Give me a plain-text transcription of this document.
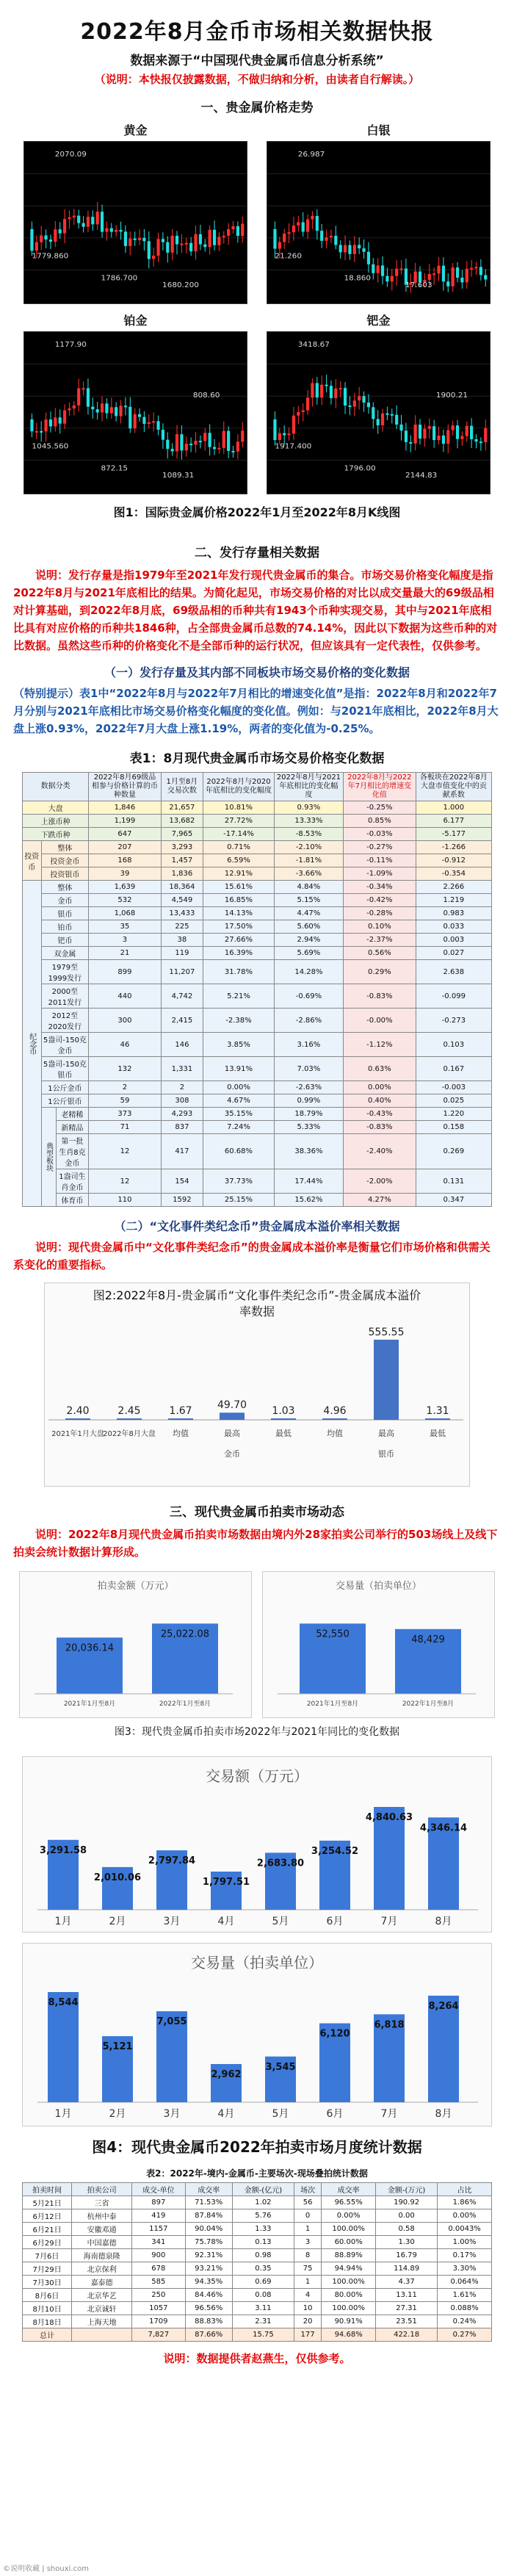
2022年8月金币市场相关数据快报
数据来源于“中国现代贵金属币信息分析系统”
（说明：本快报仅披露数据，不做归纳和分析，由读者自行解读。）
一、贵金属价格走势
黄金
2070.09
1779.860
1786.700
1680.200
白银
26.987
21.260
18.860
17.603
铂金
1177.90
1045.560
872.15
1089.31
808.60
钯金
3418.67
1917.400
1796.00
2144.83
1900.21
图1：国际贵金属价格2022年1月至2022年8月K线图
二、发行存量相关数据
说明：发行存量是指1979年至2021年发行现代贵金属币的集合。市场交易价格变化幅度是指2022年8月与2021年底相比的结果。为简化起见，市场交易价格的对比以成交量最大的69级品相对计算基础，到2022年8月底，69级品相的币种共有1943个币种实现交易，其中与2021年底相比具有对应价格的币种共1846种，占全部贵金属币总数的74.14%，因此以下数据为这些币种的对比数据。虽然这些币种的价格变化不是全部币种的运行状况，但应该具有一定代表性，仅供参考。
（一）发行存量及其内部不同板块市场交易价格的变化数据
（特别提示）表1中“2022年8月与2022年7月相比的增速变化值”是指：2022年8月和2022年7月分别与2021年底相比市场交易价格变化幅度的变化值。例如：与2021年底相比，2022年8月大盘上涨0.93%，2022年7月大盘上涨1.19%，两者的变化值为-0.25%。
表1：8月现代贵金属币市场交易价格变化数据
数据分类			2022年8月69级品相参与价格计算的币种数量	1月至8月交易次数	2022年8月与2020年底相比的变化幅度	2022年8月与2021年底相比的变化幅度	2022年8月与2022年7月相比的增速变化值	各板块在2022年8月大盘市值变化中的贡献系数
大盘			1,846	21,657	10.81%	0.93%	-0.25%	1.000
上涨币种			1,199	13,682	27.72%	13.33%	0.85%	6.177
下跌币种			647	7,965	-17.14%	-8.53%	-0.03%	-5.177
投资币	整体		207	3,293	0.71%	-2.10%	-0.27%	-1.266
	投资金币		168	1,457	6.59%	-1.81%	-0.11%	-0.912
	投资银币		39	1,836	12.91%	-3.66%	-1.09%	-0.354
纪念币	整体		1,639	18,364	15.61%	4.84%	-0.34%	2.266
	金币		532	4,549	16.85%	5.15%	-0.42%	1.219
	银币		1,068	13,433	14.13%	4.47%	-0.28%	0.983
	铂币		35	225	17.50%	5.60%	0.10%	0.033
	钯币		3	38	27.66%	2.94%	-2.37%	0.003
	双金属		21	119	16.39%	5.69%	0.56%	0.027
	1979至1999发行		899	11,207	31.78%	14.28%	0.29%	2.638
	2000至2011发行		440	4,742	5.21%	-0.69%	-0.83%	-0.099
	2012至2020发行		300	2,415	-2.38%	-2.86%	-0.00%	-0.273
	5盎司-150克金币		46	146	3.85%	3.16%	-1.12%	0.103
	5盎司-150克银币		132	1,331	13.91%	7.03%	0.63%	0.167
	1公斤金币		2	2	0.00%	-2.63%	0.00%	-0.003
	1公斤银币		59	308	4.67%	0.99%	0.40%	0.025
	典型板块	老精稀	373	4,293	35.15%	18.79%	-0.43%	1.220
		新精品	71	837	7.24%	5.33%	-0.83%	0.158
		第一批生肖8克金币	12	417	60.68%	38.36%	-2.40%	0.269
		1盎司生肖金币	12	154	37.73%	17.44%	-2.00%	0.131
		体育币	110	1592	25.15%	15.62%	4.27%	0.347
（二）“文化事件类纪念币”贵金属成本溢价率相关数据
说明：现代贵金属币中“文化事件类纪念币”的贵金属成本溢价率是衡量它们市场价格和供需关系变化的重要指标。
图2:2022年8月-贵金属币“文化事件类纪念币”-贵金属成本溢价率数据
2.40	2.45	1.67 49.70 1.03	4.96
555.55
1.31
2021年1月大盘
2022年8月大盘 均值	最高	最低	均值	最高	最低
金币	银币
三、现代贵金属币拍卖市场动态
说明：2022年8月现代贵金属币拍卖市场数据由境内外28家拍卖公司举行的503场线上及线下拍卖会统计数据计算形成。
拍卖金额（万元）
20,036.14
2021年1月至8月
25,022.08
2022年1月至8月
交易量（拍卖单位）
52,550
2021年1月至8月
48,429
2022年1月至8月
图3：现代贵金属币拍卖市场2022年与2021年同比的变化数据
交易额（万元）
3,291.58
1月
2,010.06
2月
2,797.84
3月
1,797.51
4月
2,683.80
5月
3,254.52
6月
4,840.63
7月
4,346.14
8月
交易量（拍卖单位）
8,544
1月
5,121
2月
7,055
3月
2,962
4月
3,545
5月
6,120
6月
6,818
7月
8,264
8月
图4：现代贵金属币2022年拍卖市场月度统计数据
表2：2022年-境内-金属币-主要场次-现场叠拍统计数据
拍卖时间	拍卖公司	成交-单位	成交率	金额-(亿元)	场次	成交率	金额-(万元)	占比
5月21日	三省	897	71.53%	1.02	56	96.55%	190.92	1.86%
6月12日	杭州中泰	419	87.84%	5.76	0	0.00%	0.00	0.00%
6月21日	安徽邓通	1157	90.04%	1.33	1	100.00%	0.58	0.0043%
6月29日	中国嘉德	341	75.78%	0.13	3	60.00%	1.30	1.00%
7月6日	海南德泉隆	900	92.31%	0.98	8	88.89%	16.79	0.17%
7月29日	北京保利	678	93.21%	0.35	75	94.94%	114.89	3.30%
7月30日	嘉泰德	585	94.35%	0.69	1	100.00%	4.37	0.064%
8月6日	北京华艺	250	84.46%	0.08	4	80.00%	13.11	1.61%
8月10日	北京诚轩	1057	96.56%	3.11	10	100.00%	27.31	0.088%
8月18日	上海天地	1709	88.83%	2.31	20	90.91%	23.51	0.24%
总计		7,827	87.66%	15.75	177	94.68%	422.18	0.27%
说明：数据提供者赵燕生，仅供参考。
©说明收藏 | shouxi.com
